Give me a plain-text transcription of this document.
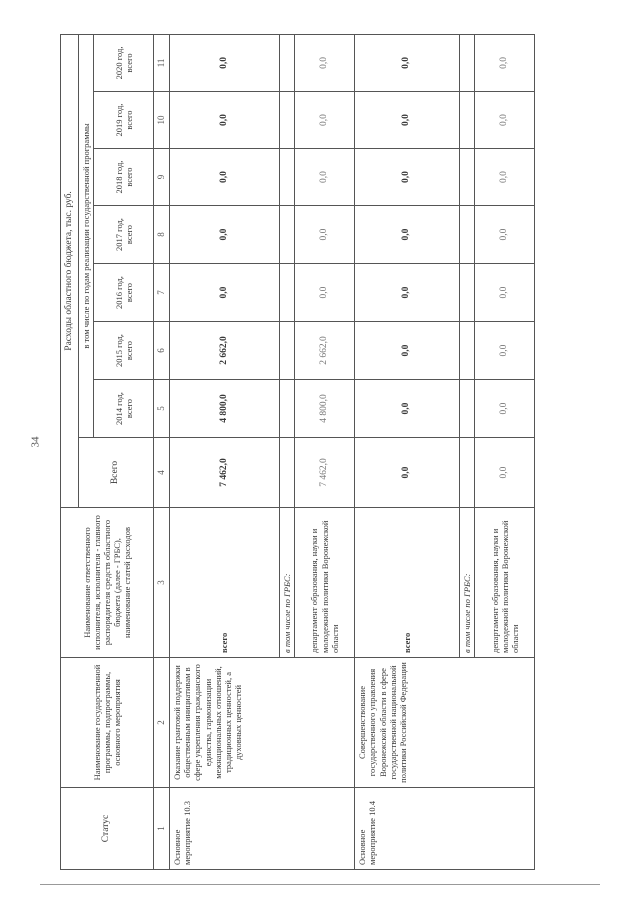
34
Статус	Наименование государственной программы, подпрограммы, основного мероприятия	Наименование ответственного исполнителя, исполнителя - главного распорядителя средств областного бюджета (далее - ГРБС), наименование статей расходов	Расходы областного бюджета, тыс. руб.							
			Всего	в том числе по годам реализации государственной программы						
				2014 год, всего	2015 год, всего	2016 год, всего	2017 год, всего	2018 год, всего	2019 год, всего	2020 год, всего
1	2	3	4	5	6	7	8	9	10	11
Основное мероприятие 10.3	Оказание грантовой поддержки общественным инициативам в сфере укрепления гражданского единства, гармонизации межнациональных отношений, традиционных ценностей, а духовных ценностей	всего	7 462,0	4 800,0	2 662,0	0,0	0,0	0,0	0,0	0,0
		в том числе по ГРБС:								
		департамент образования, науки и молодежной политики Воронежской области	7 462,0	4 800,0	2 662,0	0,0	0,0	0,0	0,0	0,0
Основное мероприятие 10.4	Совершенствование государственного управления Воронежской области в сфере государственной национальной политики Российской Федерации	всего	0,0	0,0	0,0	0,0	0,0	0,0	0,0	0,0
		в том числе по ГРБС:								
		департамент образования, науки и молодежной политики Воронежской области	0,0	0,0	0,0	0,0	0,0	0,0	0,0	0,0
